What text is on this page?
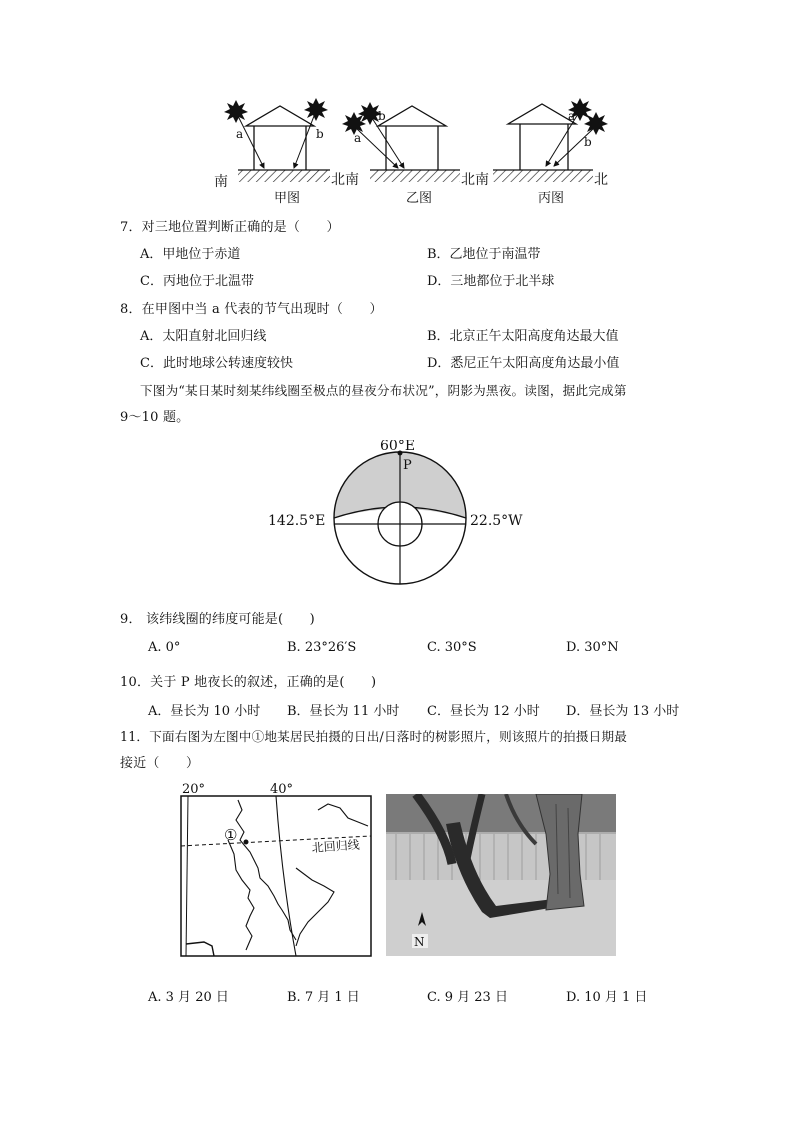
a	b
b
a
a
b
南	北南	北南	北
甲图	乙图	丙图
7．对三地位置判断正确的是（　　）
A．甲地位于赤道	B．乙地位于南温带
C．丙地位于北温带	D．三地都位于北半球
8．在甲图中当 a 代表的节气出现时（　　）
A．太阳直射北回归线	B．北京正午太阳高度角达最大值
C．此时地球公转速度较快	D．悉尼正午太阳高度角达最小值
下图为“某日某时刻某纬线圈至极点的昼夜分布状况”，阴影为黑夜。读图，据此完成第
9～10 题。
60°E
P
142.5°E	22.5°W
9． 该纬线圈的纬度可能是(　　)
A. 0°	B. 23°26′S	C. 30°S	D. 30°N
10．关于 P 地夜长的叙述，正确的是(　　)
A．昼长为 10 小时 B．昼长为 11 小时 C．昼长为 12 小时 D．昼长为 13 小时
11．下面右图为左图中①地某居民拍摄的日出/日落时的树影照片，则该照片的拍摄日期最
接近（　　）
20°	40°
①
北回归线
N
A. 3 月 20 日	B. 7 月 1 日	C. 9 月 23 日	D. 10 月 1 日
